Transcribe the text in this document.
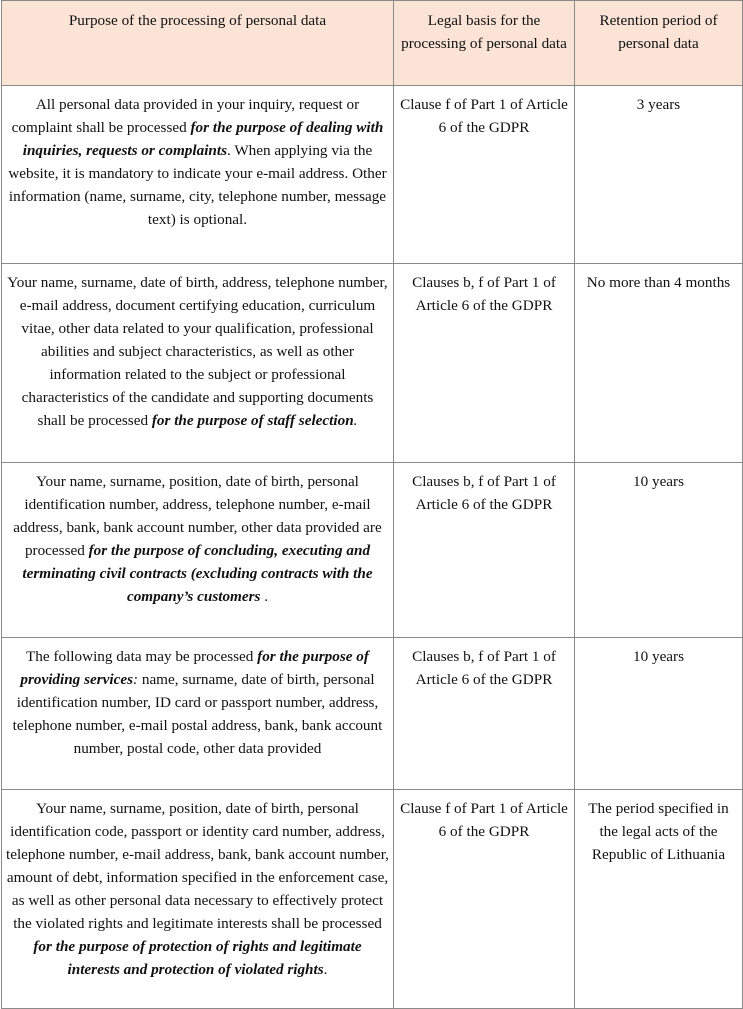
Purpose of the processing of personal data	Legal basis for the processing of personal data	Retention period of personal data
All personal data provided in your inquiry, request or complaint shall be processed for the purpose of dealing with inquiries, requests or complaints. When applying via the website, it is mandatory to indicate your e-mail address. Other information (name, surname, city, telephone number, message text) is optional.	Clause f of Part 1 of Article 6 of the GDPR	3 years
Your name, surname, date of birth, address, telephone number, e-mail address, document certifying education, curriculum vitae, other data related to your qualification, professional abilities and subject characteristics, as well as other information related to the subject or professional characteristics of the candidate and supporting documents shall be processed for the purpose of staff selection.	Clauses b, f of Part 1 of Article 6 of the GDPR	No more than 4 months
Your name, surname, position, date of birth, personal identification number, address, telephone number, e-mail address, bank, bank account number, other data provided are processed for the purpose of concluding, executing and terminating civil contracts (excluding contracts with the company’s customers .	Clauses b, f of Part 1 of Article 6 of the GDPR	10 years
The following data may be processed for the purpose of providing services: name, surname, date of birth, personal identification number, ID card or passport number, address, telephone number, e-mail postal address, bank, bank account number, postal code, other data provided	Clauses b, f of Part 1 of Article 6 of the GDPR	10 years
Your name, surname, position, date of birth, personal identification code, passport or identity card number, address, telephone number, e-mail address, bank, bank account number, amount of debt, information specified in the enforcement case, as well as other personal data necessary to effectively protect the violated rights and legitimate interests shall be processed for the purpose of protection of rights and legitimate interests and protection of violated rights.	Clause f of Part 1 of Article 6 of the GDPR	The period specified in the legal acts of the Republic of Lithuania
